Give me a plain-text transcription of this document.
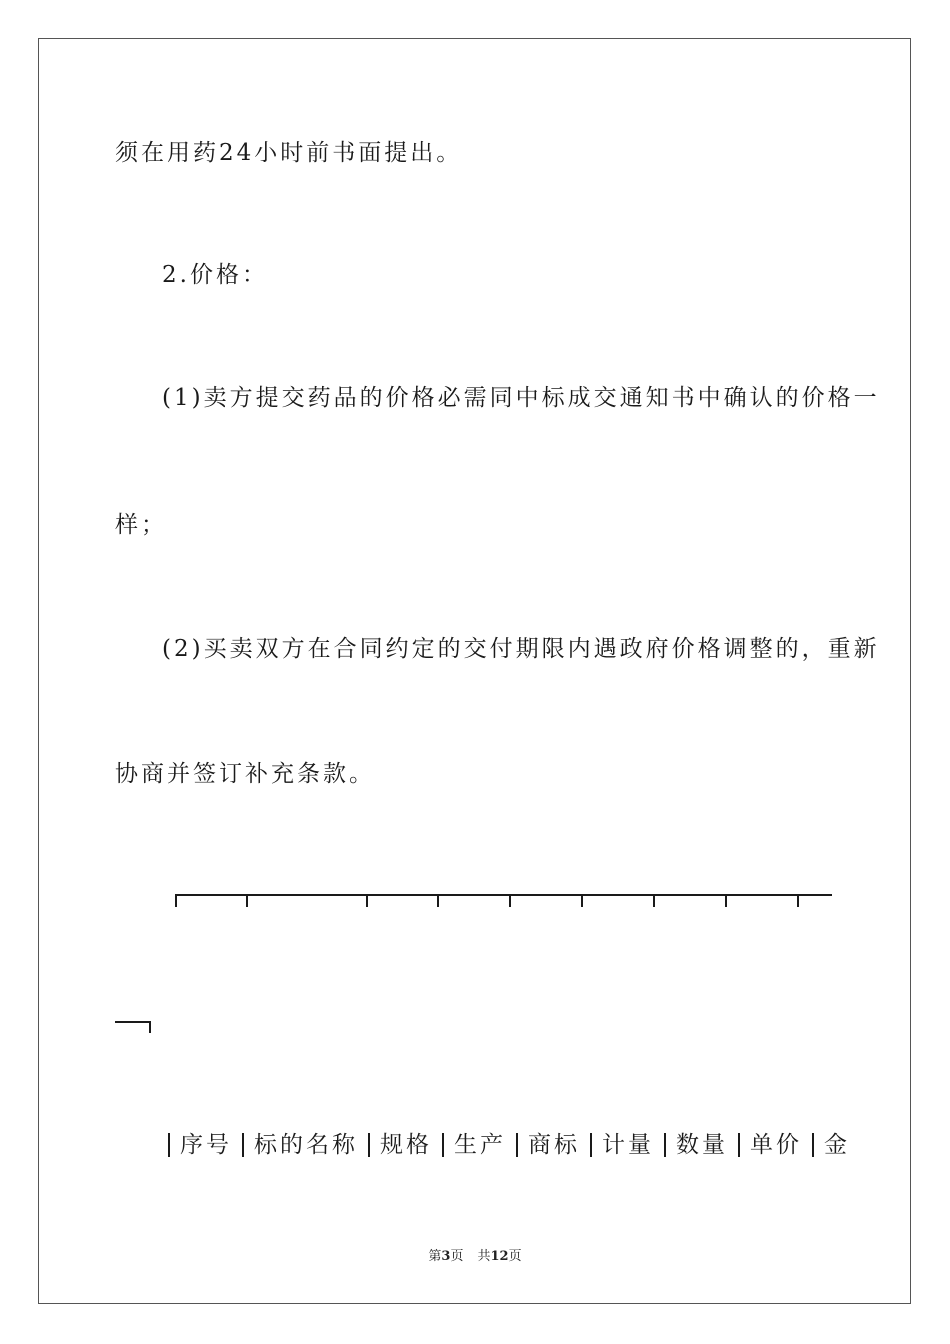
须在用药24小时前书面提出。
2.价格：
(1)卖方提交药品的价格必需同中标成交通知书中确认的价格一
样；
(2)买卖双方在合同约定的交付期限内遇政府价格调整的，重新
协商并签订补充条款。
序号 标的名称 规格 生产 商标 计量 数量 单价 金
第3页 共12页
